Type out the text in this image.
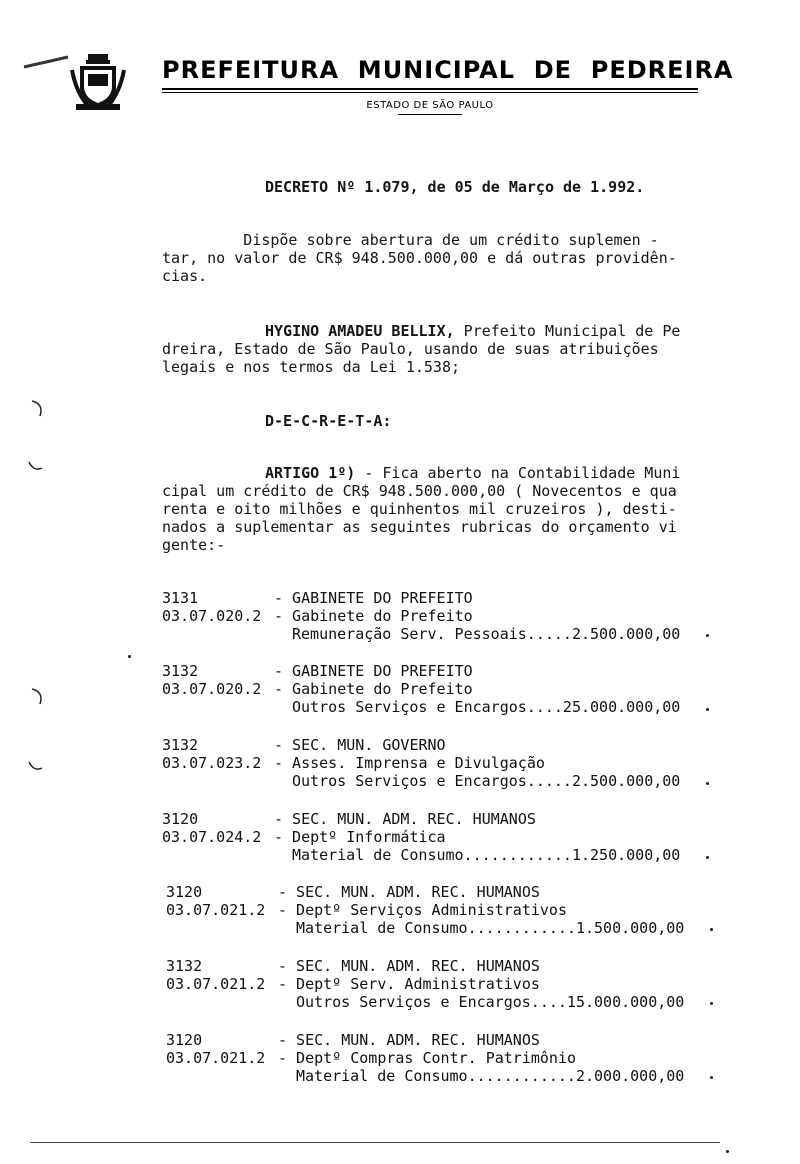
PREFEITURA  MUNICIPAL  DE  PEDREIRA
ESTADO DE SÃO PAULO
DECRETO Nº 1.079, de 05 de Março de 1.992.
Dispõe sobre abertura de um crédito suplemen -
tar, no valor de CR$ 948.500.000,00 e dá outras providên-
cias.
HYGINO AMADEU BELLIX, Prefeito Municipal de Pe
dreira, Estado de São Paulo, usando de suas atribuições
legais e nos termos da Lei 1.538;
D-E-C-R-E-T-A:
ARTIGO 1º) - Fica aberto na Contabilidade Muni
cipal um crédito de CR$ 948.500.000,00 ( Novecentos e qua
renta e oito milhões e quinhentos mil cruzeiros ), desti-
nados a suplementar as seguintes rubricas do orçamento vi
gente:-
3131	- GABINETE DO PREFEITO
03.07.020.2 - Gabinete do Prefeito
Remuneração Serv. Pessoais.....2.500.000,00
3132	- GABINETE DO PREFEITO
03.07.020.2 - Gabinete do Prefeito
Outros Serviços e Encargos....25.000.000,00
3132	- SEC. MUN. GOVERNO
03.07.023.2 - Asses. Imprensa e Divulgação
Outros Serviços e Encargos.....2.500.000,00
3120	- SEC. MUN. ADM. REC. HUMANOS
03.07.024.2 - Deptº Informática
Material de Consumo............1.250.000,00
3120	- SEC. MUN. ADM. REC. HUMANOS
03.07.021.2 - Deptº Serviços Administrativos
Material de Consumo............1.500.000,00
3132	- SEC. MUN. ADM. REC. HUMANOS
03.07.021.2 - Deptº Serv. Administrativos
Outros Serviços e Encargos....15.000.000,00
3120	- SEC. MUN. ADM. REC. HUMANOS
03.07.021.2 - Deptº Compras Contr. Patrimônio
Material de Consumo............2.000.000,00
